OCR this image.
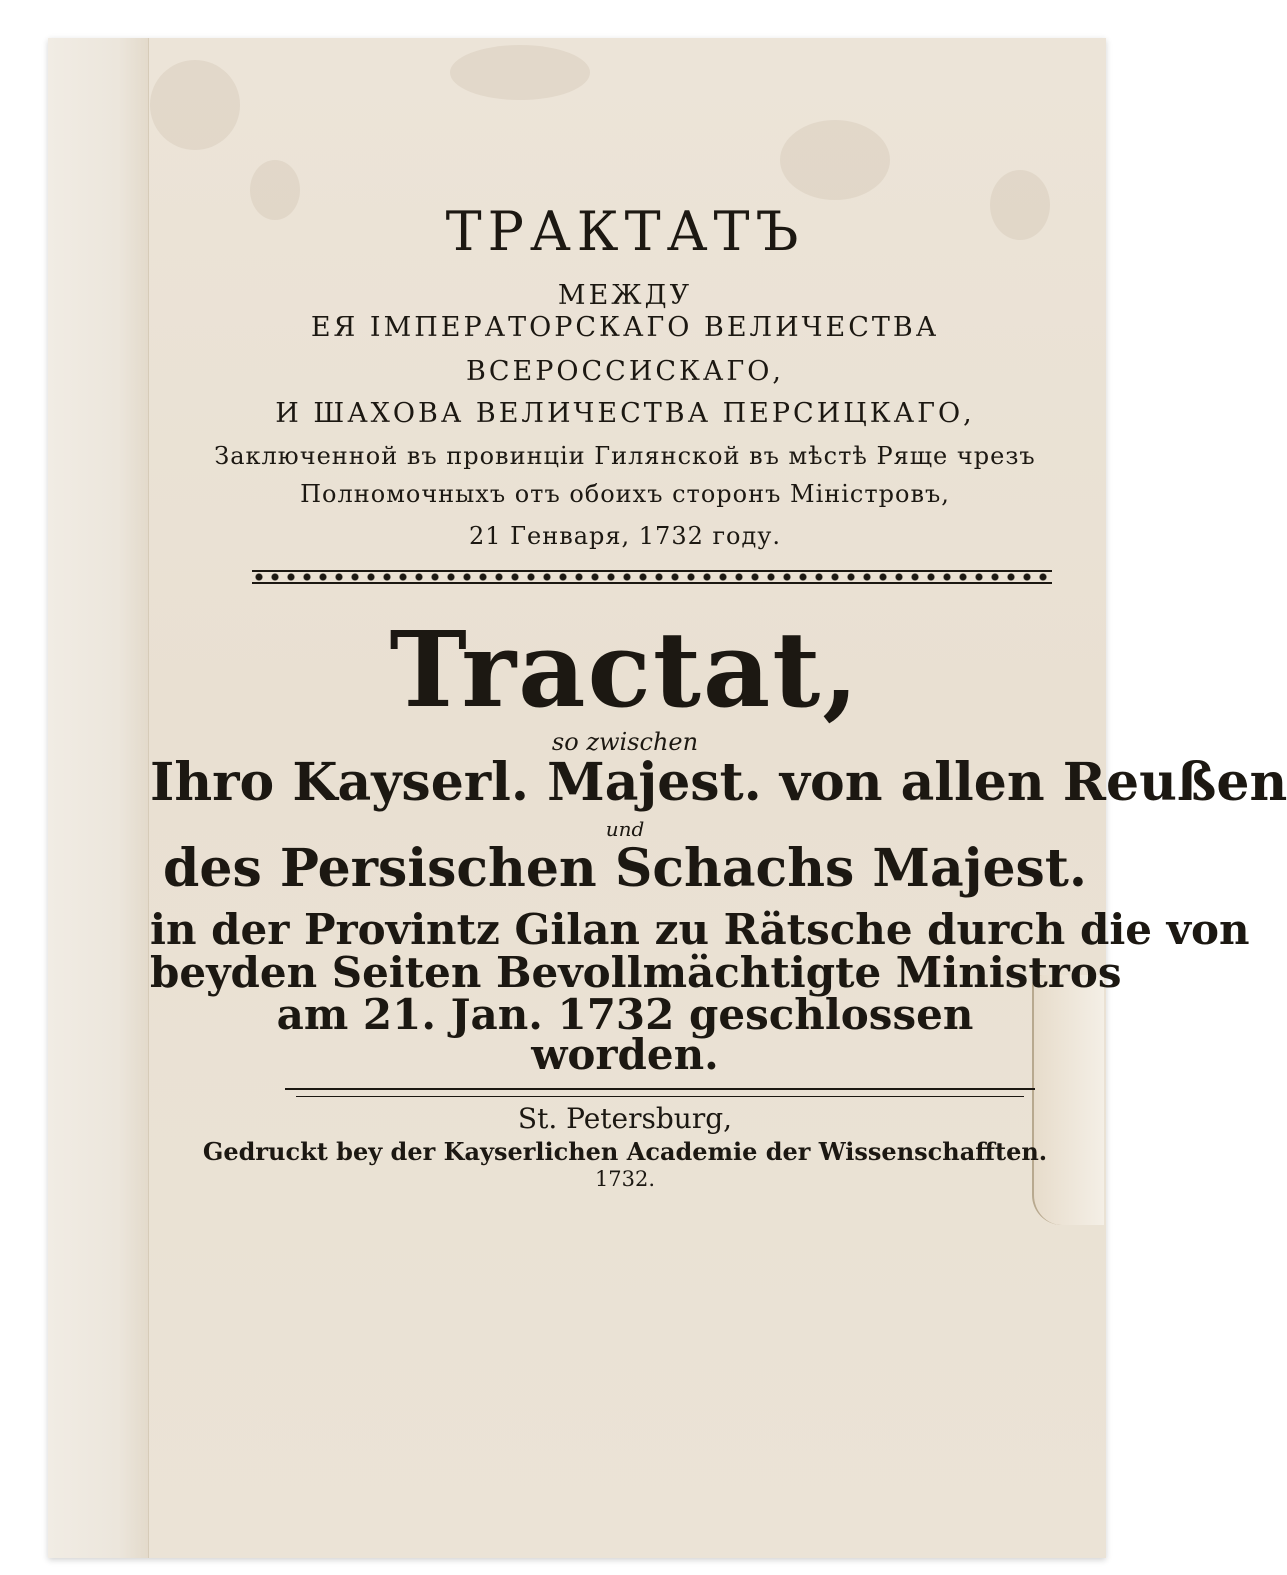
ТРАКТАТЪ
МЕЖДУ
ЕЯ ІМПЕРАТОРСКАГО ВЕЛИЧЕСТВА
ВСЕРОССИСКАГО,
И ШАХОВА ВЕЛИЧЕСТВА ПЕРСИЦКАГО,
Заключенной въ провинціи Гилянской въ мѣстѣ Ряще чрезъ
Полномочныхъ отъ обоихъ сторонъ Міністровъ,
21 Генваря, 1732 году.
Tractat,
so zwischen
Ihro Kayserl. Majest. von allen Reußen
und
des Persischen Schachs Majest.
in der Provintz Gilan zu Rätsche durch die von
beyden Seiten Bevollmächtigte Ministros
am 21. Jan. 1732 geschlossen
worden.
St. Petersburg,
Gedruckt bey der Kayserlichen Academie der Wissenschafften.
1732.
